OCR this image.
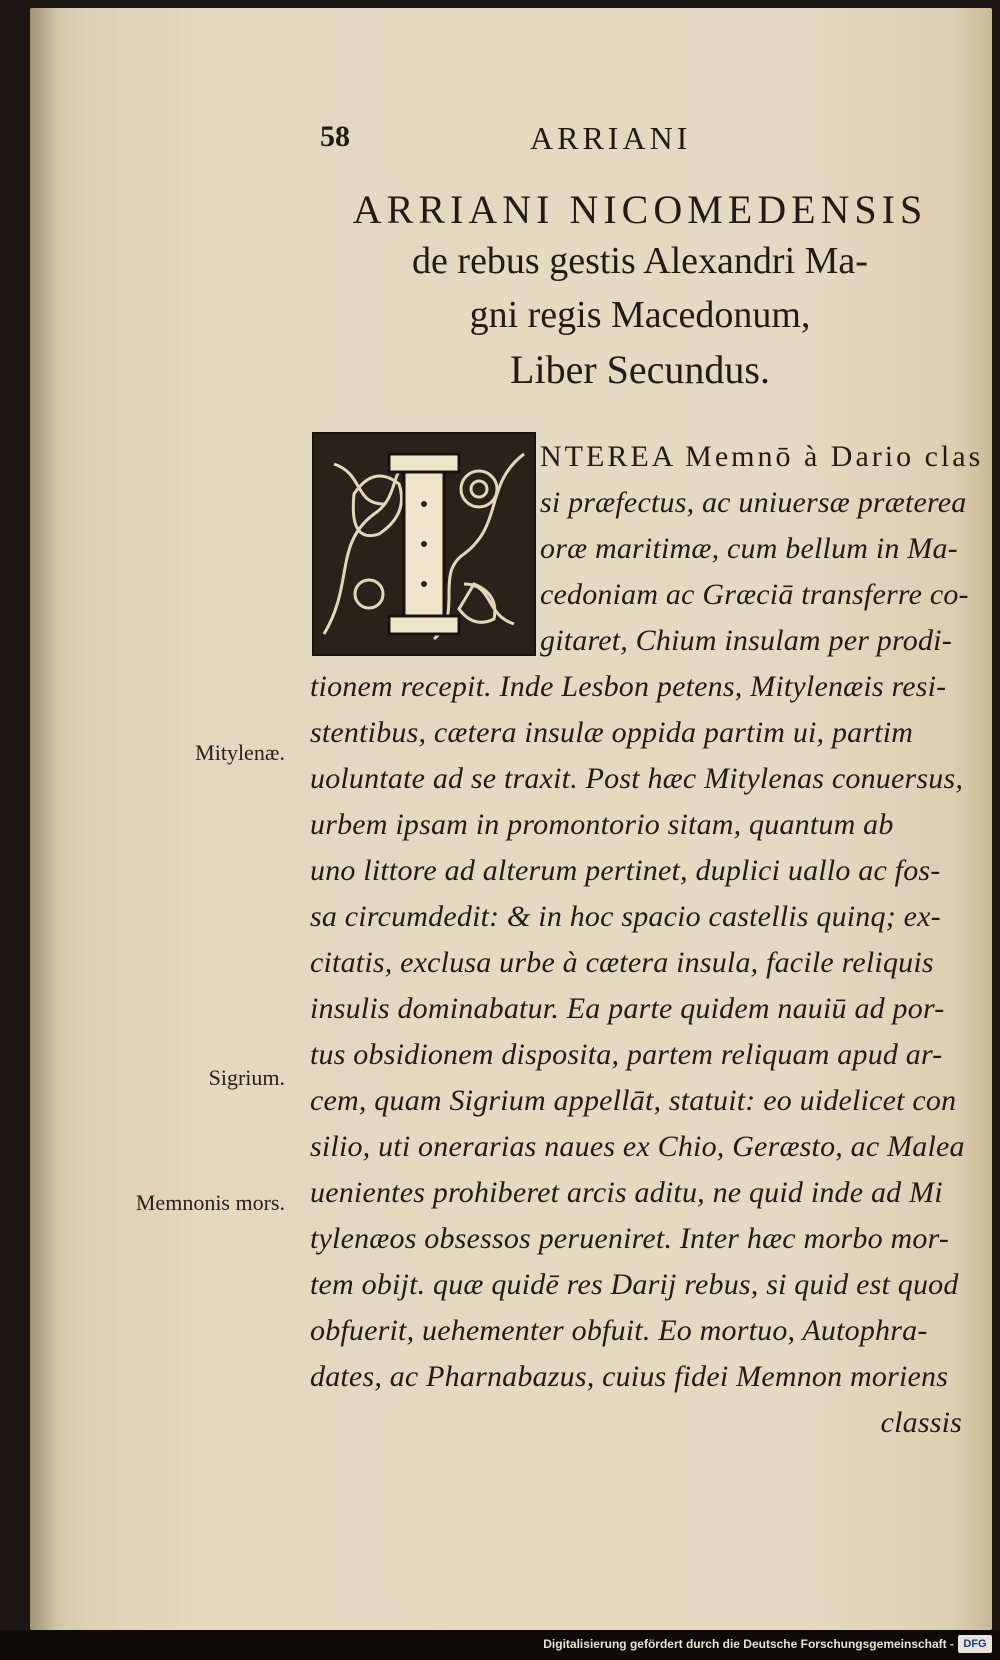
58	ARRIANI
ARRIANI NICOMEDENSIS
de rebus gestis Alexandri Ma-
gni regis Macedonum,
Liber Secundus.
NTEREA Memnō à Dario clas
si præfectus, ac uniuersæ præterea
oræ maritimæ, cum bellum in Ma-
cedoniam ac Græciā transferre co-
gitaret, Chium insulam per prodi-
tionem recepit. Inde Lesbon petens, Mitylenæis resi-
stentibus, cætera insulæ oppida partim ui, partim
uoluntate ad se traxit. Post hæc Mitylenas conuersus,
urbem ipsam in promontorio sitam, quantum ab
uno littore ad alterum pertinet, duplici uallo ac fos-
sa circumdedit: & in hoc spacio castellis quinq; ex-
citatis, exclusa urbe à cætera insula, facile reliquis
insulis dominabatur. Ea parte quidem nauiū ad por-
tus obsidionem disposita, partem reliquam apud ar-
cem, quam Sigrium appellāt, statuit: eo uidelicet con
silio, uti onerarias naues ex Chio, Geræsto, ac Malea
uenientes prohiberet arcis aditu, ne quid inde ad Mi
tylenæos obsessos perueniret. Inter hæc morbo mor-
tem obijt. quæ quidē res Darij rebus, si quid est quod
obfuerit, uehementer obfuit. Eo mortuo, Autophra-
dates, ac Pharnabazus, cuius fidei Memnon moriens
classis
Mitylenæ.
Sigrium.
Memnonis mors.
Digitalisierung gefördert durch die Deutsche Forschungsgemeinschaft - DFG
